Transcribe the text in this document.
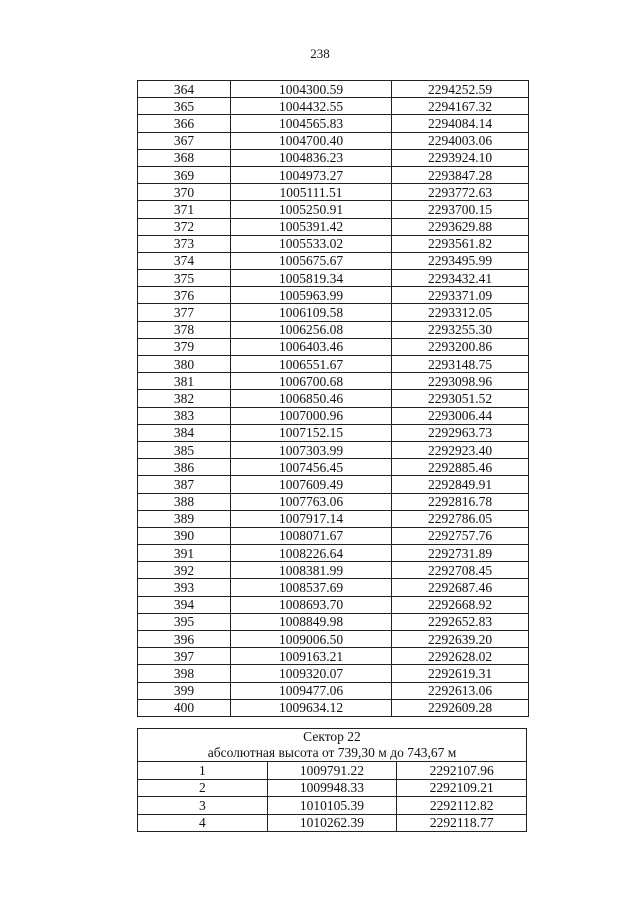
238
364	1004300.59	2294252.59
365	1004432.55	2294167.32
366	1004565.83	2294084.14
367	1004700.40	2294003.06
368	1004836.23	2293924.10
369	1004973.27	2293847.28
370	1005111.51	2293772.63
371	1005250.91	2293700.15
372	1005391.42	2293629.88
373	1005533.02	2293561.82
374	1005675.67	2293495.99
375	1005819.34	2293432.41
376	1005963.99	2293371.09
377	1006109.58	2293312.05
378	1006256.08	2293255.30
379	1006403.46	2293200.86
380	1006551.67	2293148.75
381	1006700.68	2293098.96
382	1006850.46	2293051.52
383	1007000.96	2293006.44
384	1007152.15	2292963.73
385	1007303.99	2292923.40
386	1007456.45	2292885.46
387	1007609.49	2292849.91
388	1007763.06	2292816.78
389	1007917.14	2292786.05
390	1008071.67	2292757.76
391	1008226.64	2292731.89
392	1008381.99	2292708.45
393	1008537.69	2292687.46
394	1008693.70	2292668.92
395	1008849.98	2292652.83
396	1009006.50	2292639.20
397	1009163.21	2292628.02
398	1009320.07	2292619.31
399	1009477.06	2292613.06
400	1009634.12	2292609.28
Сектор 22
абсолютная высота от 739,30 м до 743,67 м		

1	1009791.22	2292107.96
2	1009948.33	2292109.21
3	1010105.39	2292112.82
4	1010262.39	2292118.77
